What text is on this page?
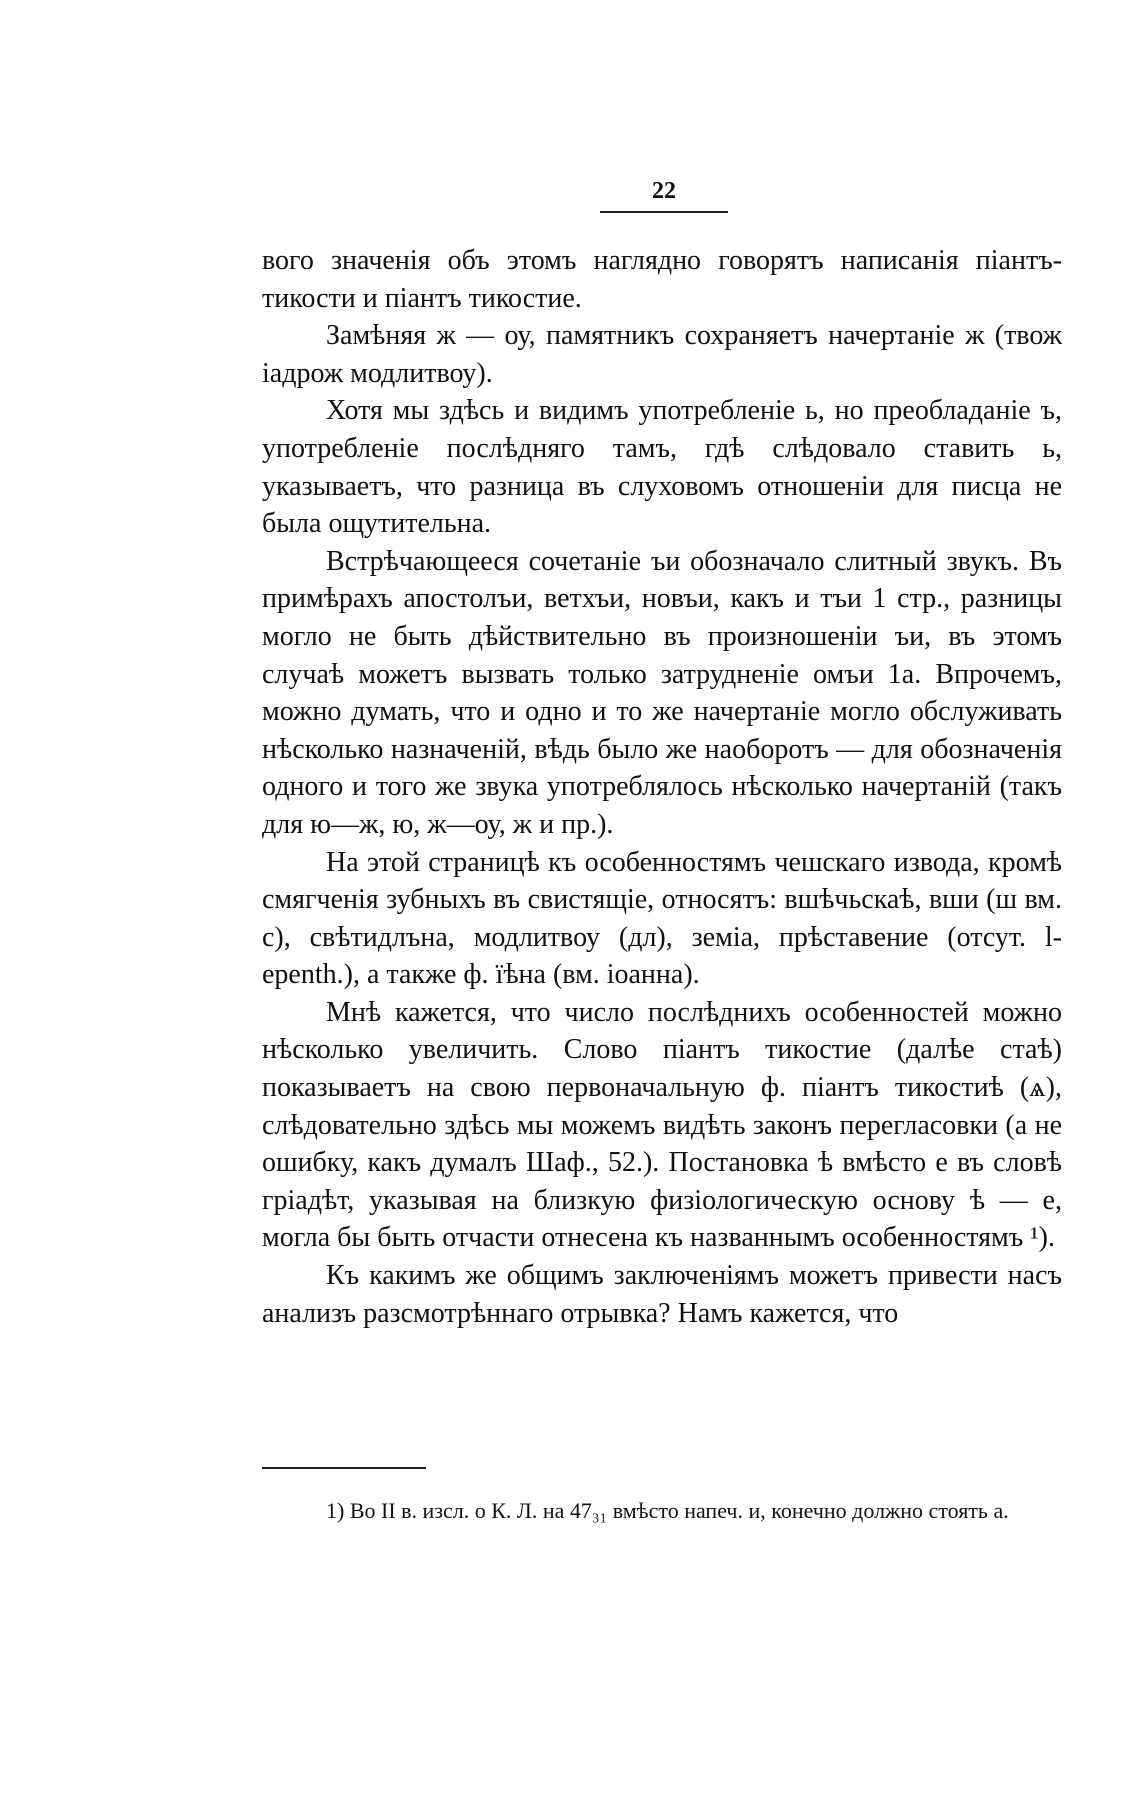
22

вого значенія объ этомъ наглядно говорятъ написанія пiантъ-тикости и пiантъ тикостие.

Замѣняя ж — оу, памятникъ сохраняетъ начертаніе ж (твож iадрож модлитвоу).

Хотя мы здѣсь и видимъ употребленіе ь, но преобладаніе ъ, употребленіе послѣдняго тамъ, гдѣ слѣдовало ставить ь, указываетъ, что разница въ слуховомъ отношеніи для писца не была ощутительна.

Встрѣчающееся сочетаніе ъи обозначало слитный звукъ. Въ примѣрахъ апостолъи, ветхъи, новъи, какъ и тъи 1 стр., разницы могло не быть дѣйствительно въ произношеніи ъи, въ этомъ случаѣ можетъ вызвать только затрудненіе омъи 1а. Впрочемъ, можно думать, что и одно и то же начертаніе могло обслуживать нѣсколько назначеній, вѣдь было же наоборотъ — для обозначенія одного и того же звука употреблялось нѣсколько начертаній (такъ для ю—ж, ю, ж—оу, ж и пр.).

На этой страницѣ къ особенностямъ чешскаго извода, кромѣ смягченія зубныхъ въ свистящіе, относятъ: вшѣчьскаѣ, вши (ш вм. с), свѣтидлъна, модлитвоу (дл), земiа, прѣставение (отсут. l-epenth.), а также ф. їѣна (вм. іоанна).

Мнѣ кажется, что число послѣднихъ особенностей можно нѣсколько увеличить. Слово пiантъ тикостие (далѣе стаѣ) показываетъ на свою первоначальную ф. пiантъ тикостиѣ (ѧ), слѣдовательно здѣсь мы можемъ видѣть законъ перегласовки (а не ошибку, какъ думалъ Шаф., 52.). Постановка ѣ вмѣсто е въ словѣ грiадѣт, указывая на близкую физіологическую основу ѣ — е, могла бы быть отчасти отнесена къ названнымъ особенностямъ ¹).

Къ какимъ же общимъ заключеніямъ можетъ привести насъ анализъ разсмотрѣннаго отрывка? Намъ кажется, что

1) Во II в. изсл. о К. Л. на 47₃₁ вмѣсто напеч. и, конечно должно стоять а.
